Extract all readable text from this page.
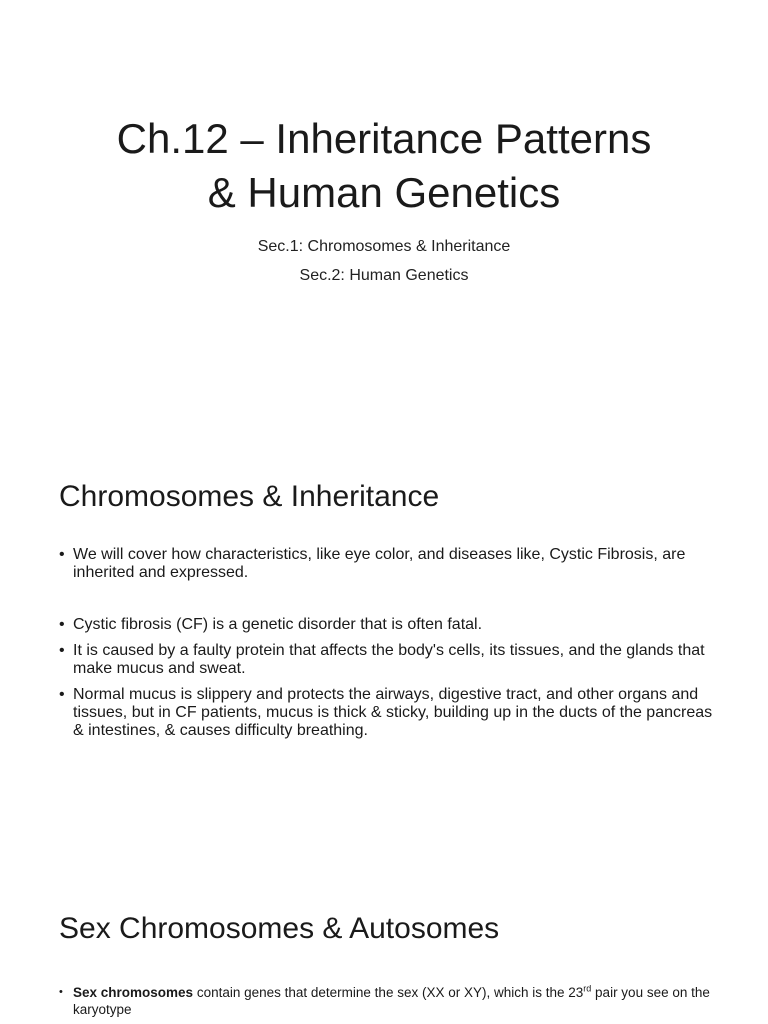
Ch.12 – Inheritance Patterns
& Human Genetics
Sec.1: Chromosomes & Inheritance
Sec.2: Human Genetics
Chromosomes & Inheritance
• We will cover how characteristics, like eye color, and diseases like, Cystic Fibrosis, are inherited and expressed.
• Cystic fibrosis (CF) is a genetic disorder that is often fatal.
• It is caused by a faulty protein that affects the body's cells, its tissues, and the glands that make mucus and sweat.
• Normal mucus is slippery and protects the airways, digestive tract, and other organs and tissues, but in CF patients, mucus is thick & sticky, building up in the ducts of the pancreas & intestines, & causes difficulty breathing.
Sex Chromosomes & Autosomes
• Sex chromosomes contain genes that determine the sex (XX or XY), which is the 23rd pair you see on the karyotype
